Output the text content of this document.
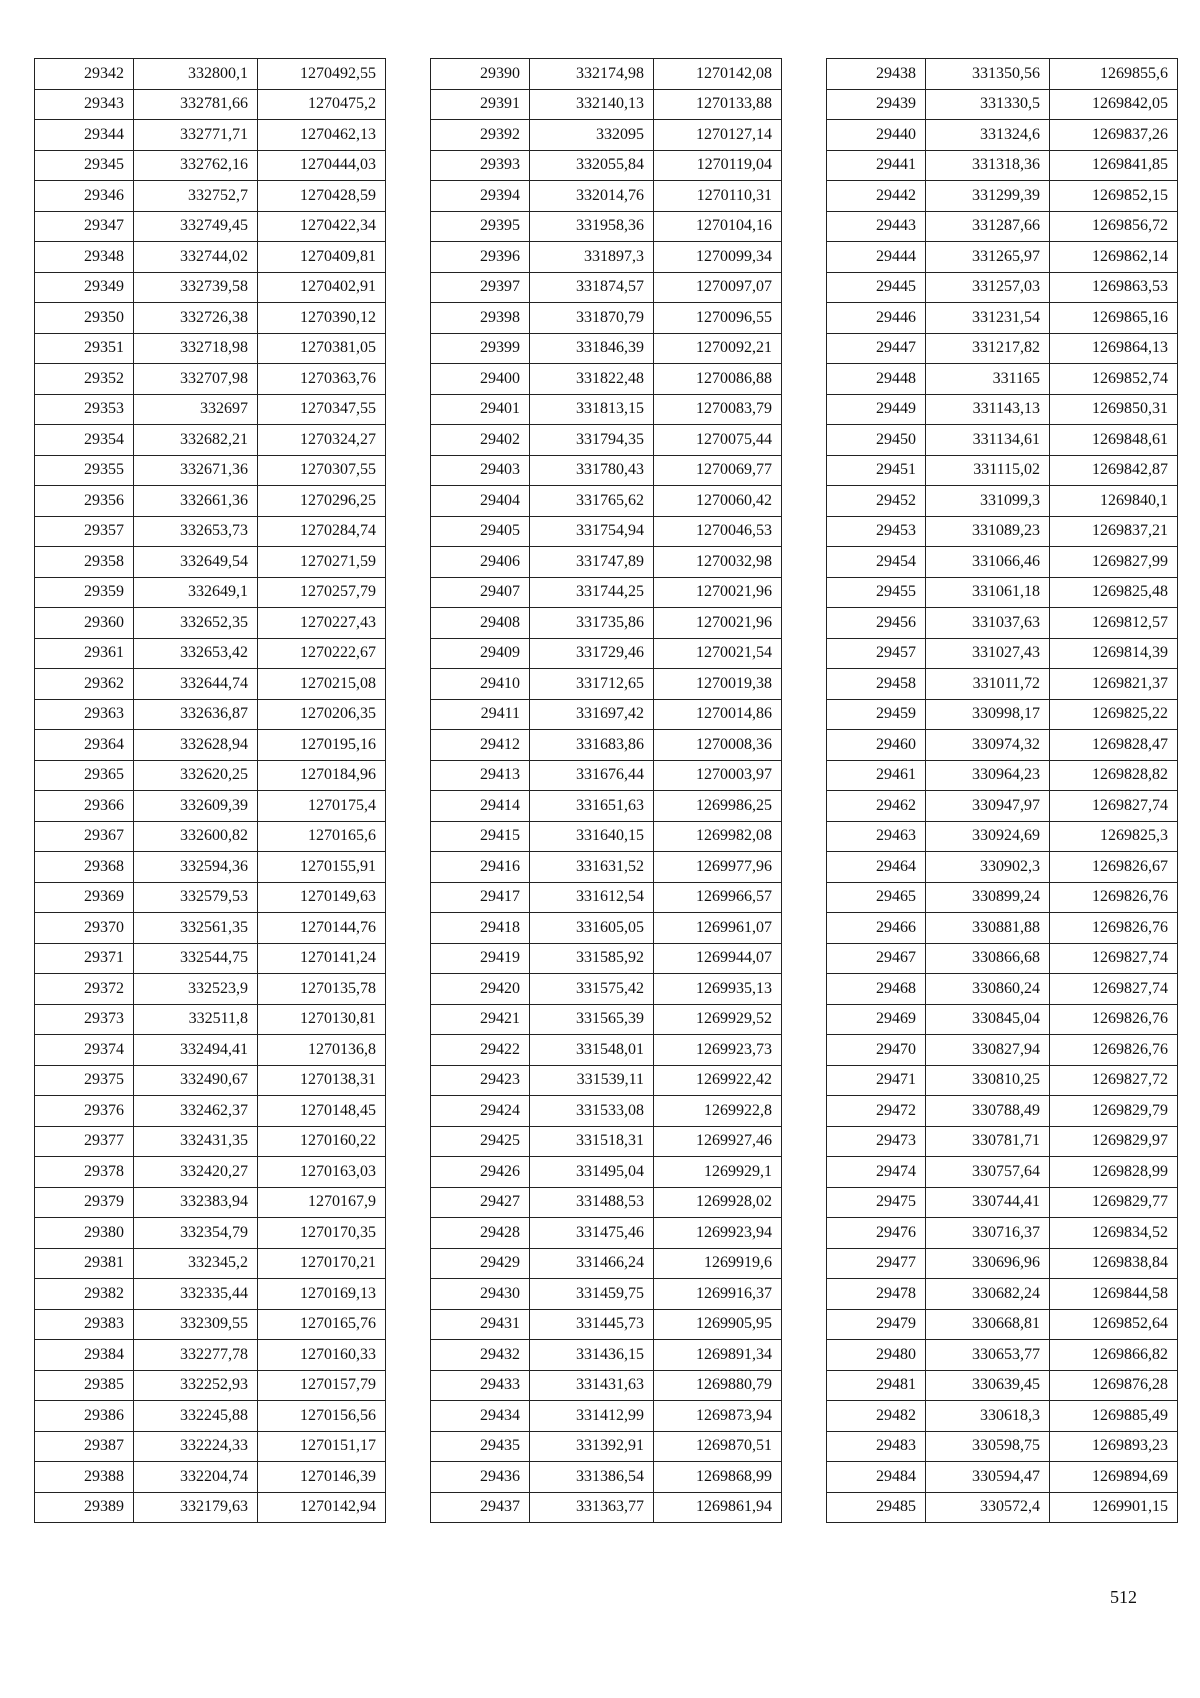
29342	332800,1	1270492,55
29343	332781,66	1270475,2
29344	332771,71	1270462,13
29345	332762,16	1270444,03
29346	332752,7	1270428,59
29347	332749,45	1270422,34
29348	332744,02	1270409,81
29349	332739,58	1270402,91
29350	332726,38	1270390,12
29351	332718,98	1270381,05
29352	332707,98	1270363,76
29353	332697	1270347,55
29354	332682,21	1270324,27
29355	332671,36	1270307,55
29356	332661,36	1270296,25
29357	332653,73	1270284,74
29358	332649,54	1270271,59
29359	332649,1	1270257,79
29360	332652,35	1270227,43
29361	332653,42	1270222,67
29362	332644,74	1270215,08
29363	332636,87	1270206,35
29364	332628,94	1270195,16
29365	332620,25	1270184,96
29366	332609,39	1270175,4
29367	332600,82	1270165,6
29368	332594,36	1270155,91
29369	332579,53	1270149,63
29370	332561,35	1270144,76
29371	332544,75	1270141,24
29372	332523,9	1270135,78
29373	332511,8	1270130,81
29374	332494,41	1270136,8
29375	332490,67	1270138,31
29376	332462,37	1270148,45
29377	332431,35	1270160,22
29378	332420,27	1270163,03
29379	332383,94	1270167,9
29380	332354,79	1270170,35
29381	332345,2	1270170,21
29382	332335,44	1270169,13
29383	332309,55	1270165,76
29384	332277,78	1270160,33
29385	332252,93	1270157,79
29386	332245,88	1270156,56
29387	332224,33	1270151,17
29388	332204,74	1270146,39
29389	332179,63	1270142,94
29390	332174,98	1270142,08
29391	332140,13	1270133,88
29392	332095	1270127,14
29393	332055,84	1270119,04
29394	332014,76	1270110,31
29395	331958,36	1270104,16
29396	331897,3	1270099,34
29397	331874,57	1270097,07
29398	331870,79	1270096,55
29399	331846,39	1270092,21
29400	331822,48	1270086,88
29401	331813,15	1270083,79
29402	331794,35	1270075,44
29403	331780,43	1270069,77
29404	331765,62	1270060,42
29405	331754,94	1270046,53
29406	331747,89	1270032,98
29407	331744,25	1270021,96
29408	331735,86	1270021,96
29409	331729,46	1270021,54
29410	331712,65	1270019,38
29411	331697,42	1270014,86
29412	331683,86	1270008,36
29413	331676,44	1270003,97
29414	331651,63	1269986,25
29415	331640,15	1269982,08
29416	331631,52	1269977,96
29417	331612,54	1269966,57
29418	331605,05	1269961,07
29419	331585,92	1269944,07
29420	331575,42	1269935,13
29421	331565,39	1269929,52
29422	331548,01	1269923,73
29423	331539,11	1269922,42
29424	331533,08	1269922,8
29425	331518,31	1269927,46
29426	331495,04	1269929,1
29427	331488,53	1269928,02
29428	331475,46	1269923,94
29429	331466,24	1269919,6
29430	331459,75	1269916,37
29431	331445,73	1269905,95
29432	331436,15	1269891,34
29433	331431,63	1269880,79
29434	331412,99	1269873,94
29435	331392,91	1269870,51
29436	331386,54	1269868,99
29437	331363,77	1269861,94
29438	331350,56	1269855,6
29439	331330,5	1269842,05
29440	331324,6	1269837,26
29441	331318,36	1269841,85
29442	331299,39	1269852,15
29443	331287,66	1269856,72
29444	331265,97	1269862,14
29445	331257,03	1269863,53
29446	331231,54	1269865,16
29447	331217,82	1269864,13
29448	331165	1269852,74
29449	331143,13	1269850,31
29450	331134,61	1269848,61
29451	331115,02	1269842,87
29452	331099,3	1269840,1
29453	331089,23	1269837,21
29454	331066,46	1269827,99
29455	331061,18	1269825,48
29456	331037,63	1269812,57
29457	331027,43	1269814,39
29458	331011,72	1269821,37
29459	330998,17	1269825,22
29460	330974,32	1269828,47
29461	330964,23	1269828,82
29462	330947,97	1269827,74
29463	330924,69	1269825,3
29464	330902,3	1269826,67
29465	330899,24	1269826,76
29466	330881,88	1269826,76
29467	330866,68	1269827,74
29468	330860,24	1269827,74
29469	330845,04	1269826,76
29470	330827,94	1269826,76
29471	330810,25	1269827,72
29472	330788,49	1269829,79
29473	330781,71	1269829,97
29474	330757,64	1269828,99
29475	330744,41	1269829,77
29476	330716,37	1269834,52
29477	330696,96	1269838,84
29478	330682,24	1269844,58
29479	330668,81	1269852,64
29480	330653,77	1269866,82
29481	330639,45	1269876,28
29482	330618,3	1269885,49
29483	330598,75	1269893,23
29484	330594,47	1269894,69
29485	330572,4	1269901,15
512
